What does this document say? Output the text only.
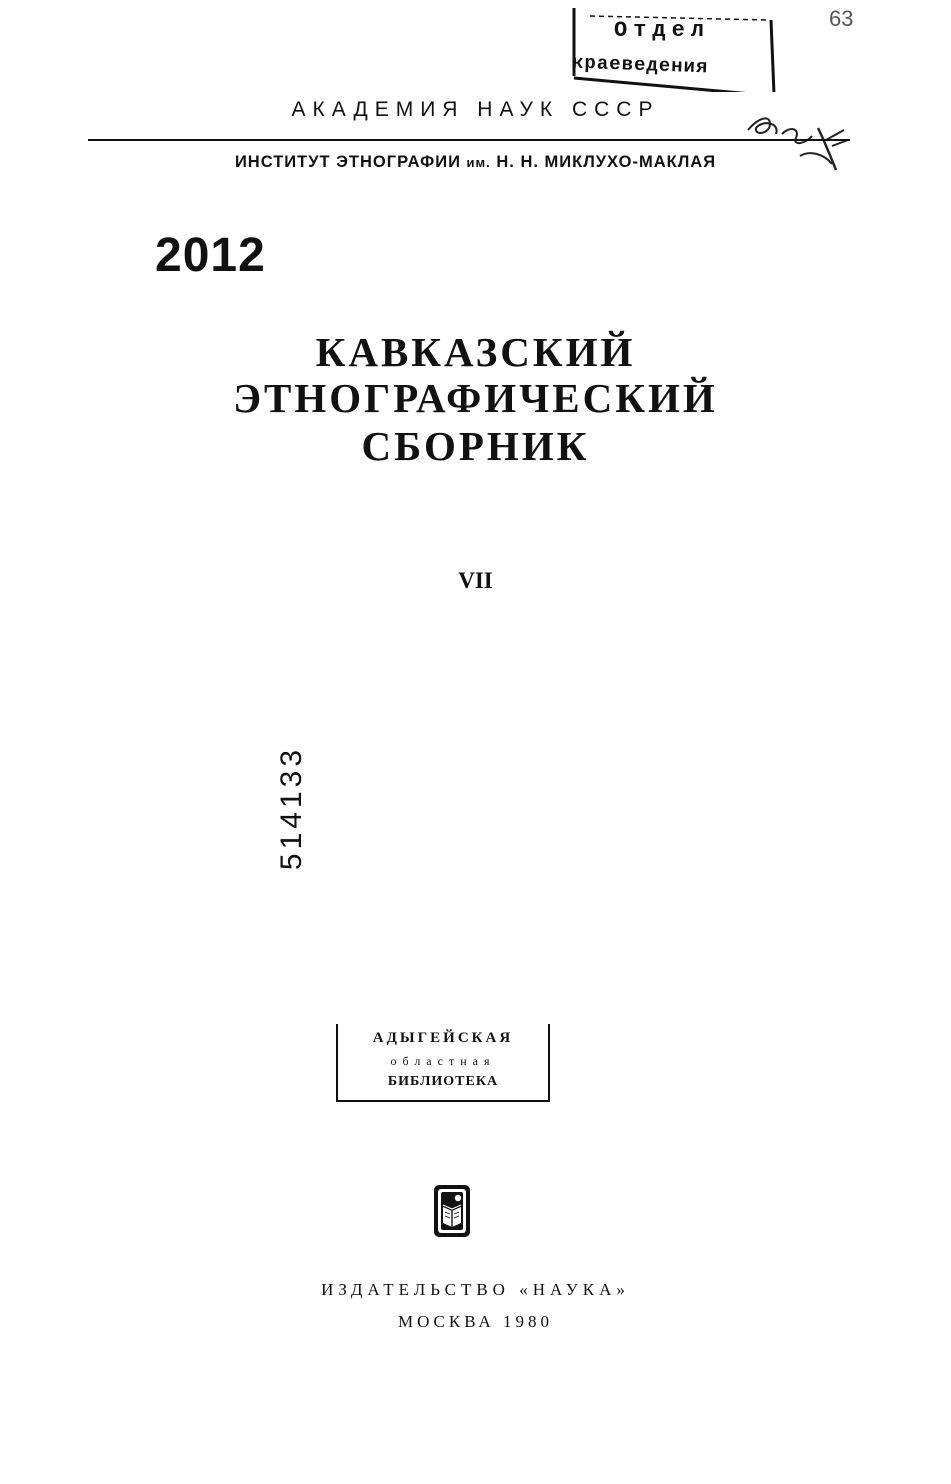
63
Отдел
краеведения
АКАДЕМИЯ НАУК СССР
ИНСТИТУТ ЭТНОГРАФИИ им. Н. Н. МИКЛУХО-МАКЛАЯ
2012
КАВКАЗСКИЙ
ЭТНОГРАФИЧЕСКИЙ
СБОРНИК
VII
514133
АДЫГЕЙСКАЯ
областная
БИБЛИОТЕКА
ИЗДАТЕЛЬСТВО «НАУКА»
МОСКВА 1980
